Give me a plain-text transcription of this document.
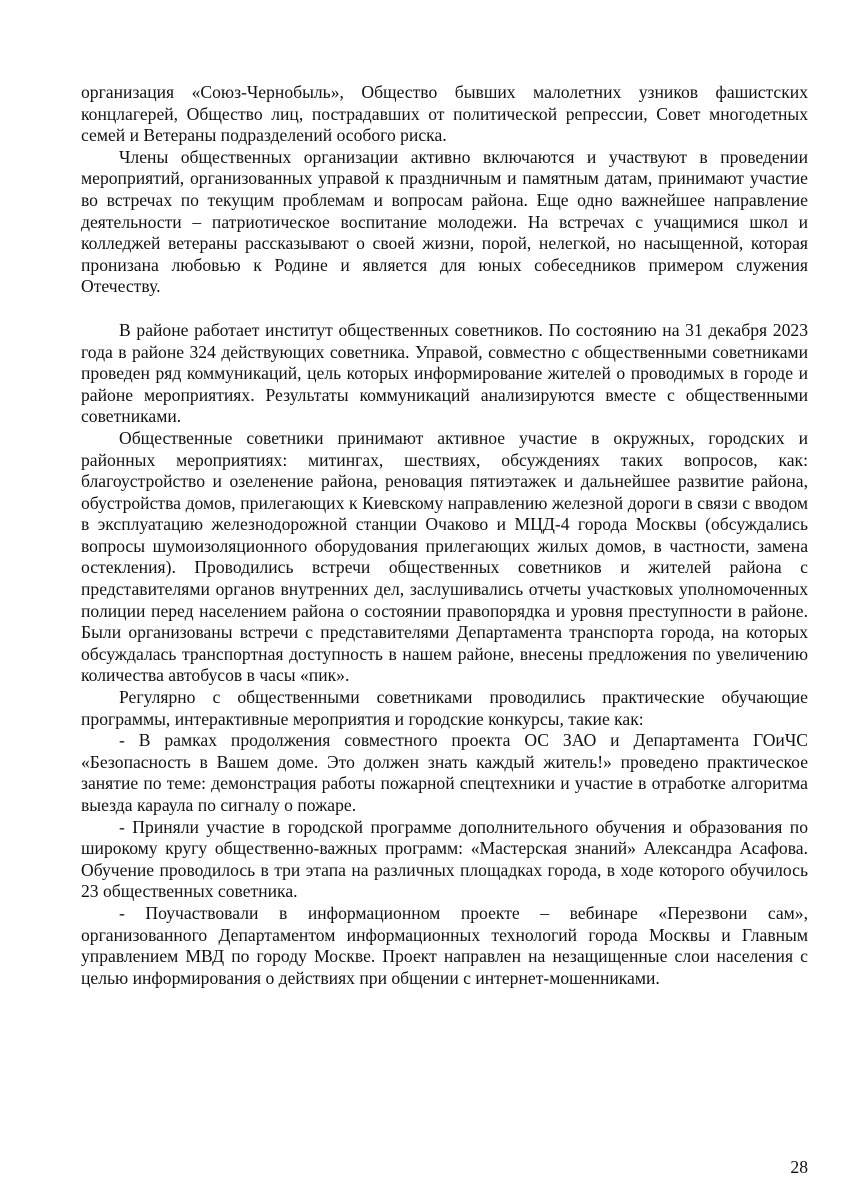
организация «Союз-Чернобыль», Общество бывших малолетних узников фашистских концлагерей, Общество лиц, пострадавших от политической репрессии, Совет многодетных семей и Ветераны подразделений особого риска.

Члены общественных организации активно включаются и участвуют в проведении мероприятий, организованных управой к праздничным и памятным датам, принимают участие во встречах по текущим проблемам и вопросам района. Еще одно важнейшее направление деятельности – патриотическое воспитание молодежи. На встречах с учащимися школ и колледжей ветераны рассказывают о своей жизни, порой, нелегкой, но насыщенной, которая пронизана любовью к Родине и является для юных собеседников примером служения Отечеству.

В районе работает институт общественных советников. По состоянию на 31 декабря 2023 года в районе 324 действующих советника. Управой, совместно с общественными советниками проведен ряд коммуникаций, цель которых информирование жителей о проводимых в городе и районе мероприятиях. Результаты коммуникаций анализируются вместе с общественными советниками.

Общественные советники принимают активное участие в окружных, городских и районных мероприятиях: митингах, шествиях, обсуждениях таких вопросов, как: благоустройство и озеленение района, реновация пятиэтажек и дальнейшее развитие района, обустройства домов, прилегающих к Киевскому направлению железной дороги в связи с вводом в эксплуатацию железнодорожной станции Очаково и МЦД-4 города Москвы (обсуждались вопросы шумоизоляционного оборудования прилегающих жилых домов, в частности, замена остекления). Проводились встречи общественных советников и жителей района с представителями органов внутренних дел, заслушивались отчеты участковых уполномоченных полиции перед населением района о состоянии правопорядка и уровня преступности в районе. Были организованы встречи с представителями Департамента транспорта города, на которых обсуждалась транспортная доступность в нашем районе, внесены предложения по увеличению количества автобусов в часы «пик».

Регулярно с общественными советниками проводились практические обучающие программы, интерактивные мероприятия и городские конкурсы, такие как:

- В рамках продолжения совместного проекта ОС ЗАО и Департамента ГОиЧС «Безопасность в Вашем доме. Это должен знать каждый житель!» проведено практическое занятие по теме: демонстрация работы пожарной спецтехники и участие в отработке алгоритма выезда караула по сигналу о пожаре.

- Приняли участие в городской программе дополнительного обучения и образования по широкому кругу общественно-важных программ: «Мастерская знаний» Александра Асафова. Обучение проводилось в три этапа на различных площадках города, в ходе которого обучилось 23 общественных советника.

- Поучаствовали в информационном проекте – вебинаре «Перезвони сам», организованного Департаментом информационных технологий города Москвы и Главным управлением МВД по городу Москве. Проект направлен на незащищенные слои населения с целью информирования о действиях при общении с интернет-мошенниками.

28
